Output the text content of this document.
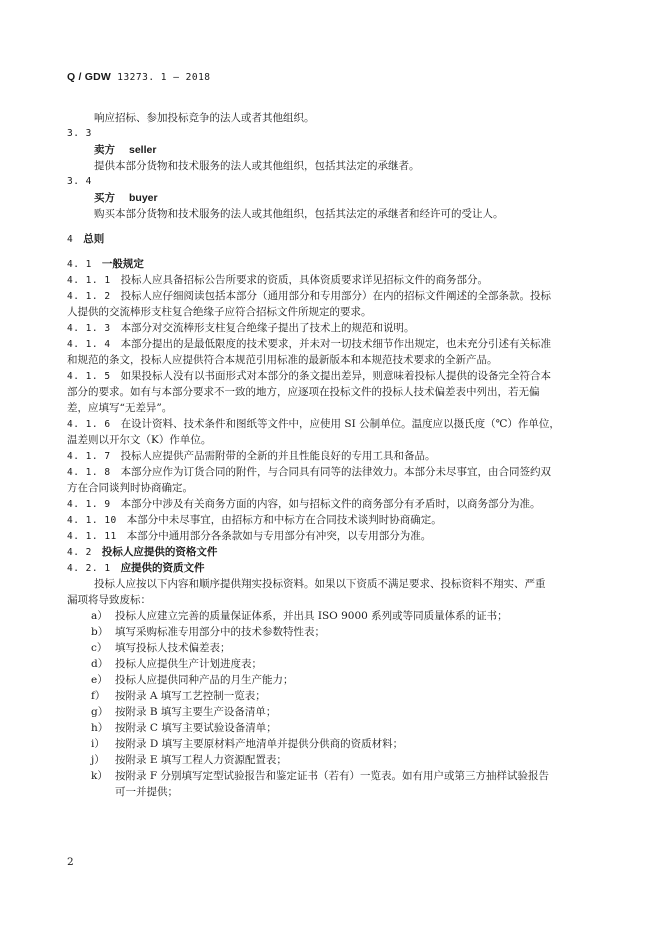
Q / GDW 13273. 1 — 2018
响应招标、参加投标竞争的法人或者其他组织。
3. 3
卖方 seller
提供本部分货物和技术服务的法人或其他组织，包括其法定的承继者。
3. 4
买方 buyer
购买本部分货物和技术服务的法人或其他组织，包括其法定的承继者和经许可的受让人。
4 总则
4. 1 一般规定
4. 1. 1 投标人应具备招标公告所要求的资质，具体资质要求详见招标文件的商务部分。
4. 1. 2 投标人应仔细阅读包括本部分（通用部分和专用部分）在内的招标文件阐述的全部条款。投标
人提供的交流棒形支柱复合绝缘子应符合招标文件所规定的要求。
4. 1. 3 本部分对交流棒形支柱复合绝缘子提出了技术上的规范和说明。
4. 1. 4 本部分提出的是最低限度的技术要求，并未对一切技术细节作出规定，也未充分引述有关标准
和规范的条文，投标人应提供符合本规范引用标准的最新版本和本规范技术要求的全新产品。
4. 1. 5 如果投标人没有以书面形式对本部分的条文提出差异，则意味着投标人提供的设备完全符合本
部分的要求。如有与本部分要求不一致的地方，应逐项在投标文件的投标人技术偏差表中列出，若无偏
差，应填写“无差异”。
4. 1. 6 在设计资料、技术条件和图纸等文件中，应使用 SI 公制单位。温度应以摄氏度（℃）作单位，
温差则以开尔文（K）作单位。
4. 1. 7 投标人应提供产品需附带的全新的并且性能良好的专用工具和备品。
4. 1. 8 本部分应作为订货合同的附件，与合同具有同等的法律效力。本部分未尽事宜，由合同签约双
方在合同谈判时协商确定。
4. 1. 9 本部分中涉及有关商务方面的内容，如与招标文件的商务部分有矛盾时，以商务部分为准。
4. 1. 10 本部分中未尽事宜，由招标方和中标方在合同技术谈判时协商确定。
4. 1. 11 本部分中通用部分各条款如与专用部分有冲突，以专用部分为准。
4. 2 投标人应提供的资格文件
4. 2. 1 应提供的资质文件
投标人应按以下内容和顺序提供翔实投标资料。如果以下资质不满足要求、投标资料不翔实、严重
漏项将导致废标：
a） 投标人应建立完善的质量保证体系，并出具 ISO 9000 系列或等同质量体系的证书；
b） 填写采购标准专用部分中的技术参数特性表；
c） 填写投标人技术偏差表；
d） 投标人应提供生产计划进度表；
e） 投标人应提供同种产品的月生产能力；
f） 按附录 A 填写工艺控制一览表；
g） 按附录 B 填写主要生产设备清单；
h） 按附录 C 填写主要试验设备清单；
i） 按附录 D 填写主要原材料产地清单并提供分供商的资质材料；
j） 按附录 E 填写工程人力资源配置表；
k） 按附录 F 分别填写定型试验报告和鉴定证书（若有）一览表。如有用户或第三方抽样试验报告
可一并提供；
2
